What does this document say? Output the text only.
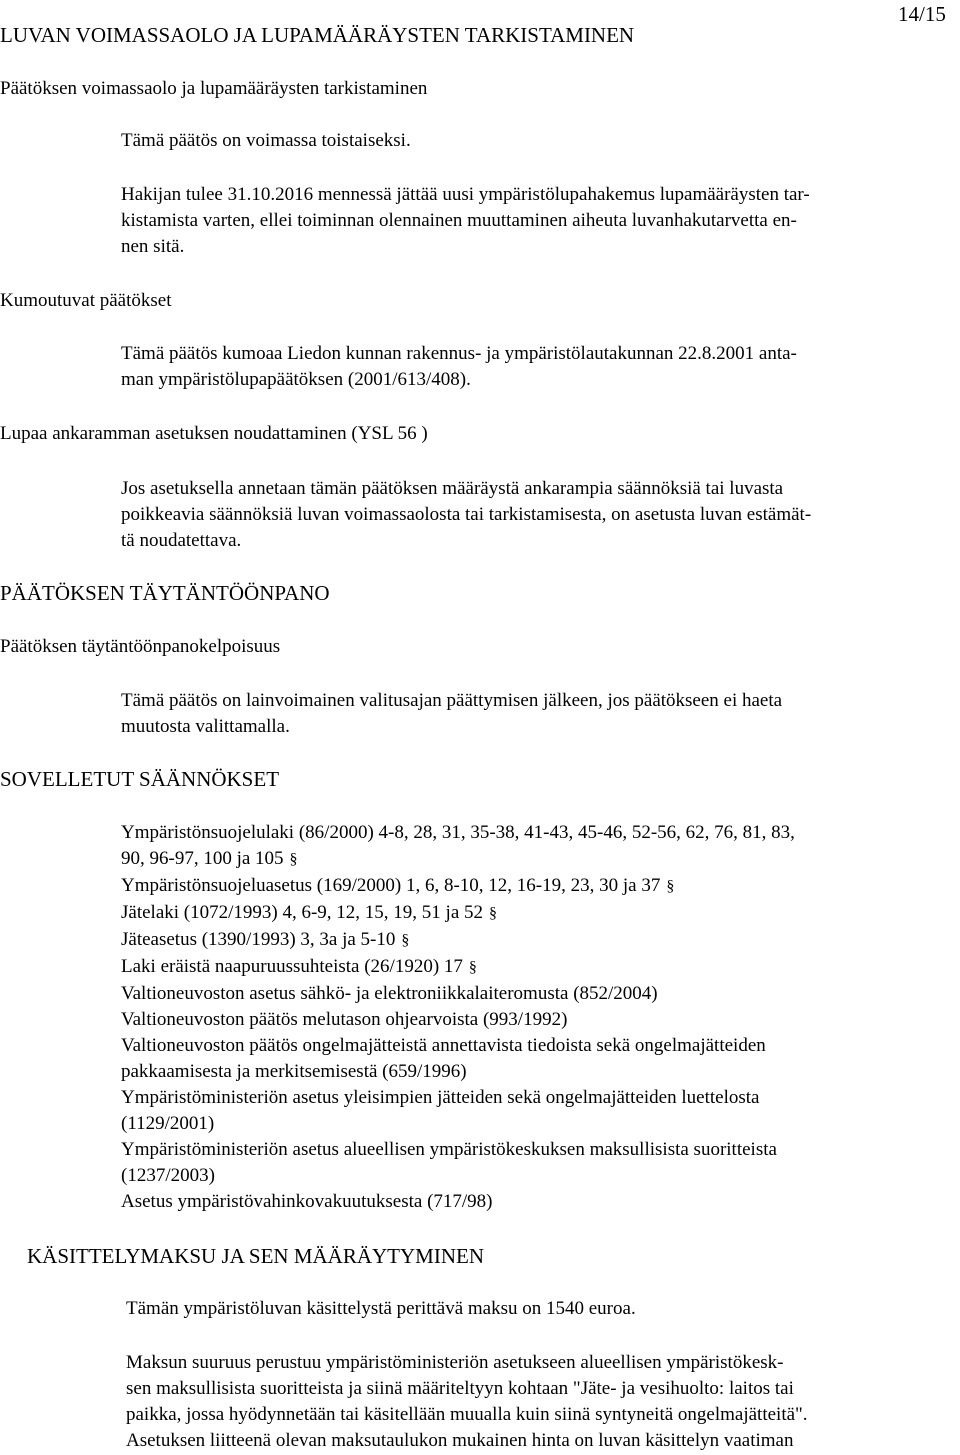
14/15
LUVAN VOIMASSAOLO JA LUPAMÄÄRÄYSTEN TARKISTAMINEN
Päätöksen voimassaolo ja lupamääräysten tarkistaminen
Tämä päätös on voimassa toistaiseksi.
Hakijan tulee 31.10.2016 mennessä jättää uusi ympäristölupahakemus lupamääräysten tar-
kistamista varten, ellei toiminnan olennainen muuttaminen aiheuta luvanhakutarvetta en-
nen sitä.
Kumoutuvat päätökset
Tämä päätös kumoaa Liedon kunnan rakennus- ja ympäristölautakunnan 22.8.2001 anta-
man ympäristölupapäätöksen (2001/613/408).
Lupaa ankaramman asetuksen noudattaminen (YSL 56 )
Jos asetuksella annetaan tämän päätöksen määräystä ankarampia säännöksiä tai luvasta
poikkeavia säännöksiä luvan voimassaolosta tai tarkistamisesta, on asetusta luvan estämät-
tä noudatettava.
PÄÄTÖKSEN TÄYTÄNTÖÖNPANO
Päätöksen täytäntöönpanokelpoisuus
Tämä päätös on lainvoimainen valitusajan päättymisen jälkeen, jos päätökseen ei haeta
muutosta valittamalla.
SOVELLETUT SÄÄNNÖKSET
Ympäristönsuojelulaki (86/2000) 4-8, 28, 31, 35-38, 41-43, 45-46, 52-56, 62, 76, 81, 83,
90, 96-97, 100 ja 105 §
Ympäristönsuojeluasetus (169/2000) 1, 6, 8-10, 12, 16-19, 23, 30 ja 37 §
Jätelaki (1072/1993) 4, 6-9, 12, 15, 19, 51 ja 52 §
Jäteasetus (1390/1993) 3, 3a ja 5-10 §
Laki eräistä naapuruussuhteista (26/1920) 17 §
Valtioneuvoston asetus sähkö- ja elektroniikkalaiteromusta (852/2004)
Valtioneuvoston päätös melutason ohjearvoista (993/1992)
Valtioneuvoston päätös ongelmajätteistä annettavista tiedoista sekä ongelmajätteiden
pakkaamisesta ja merkitsemisestä (659/1996)
Ympäristöministeriön asetus yleisimpien jätteiden sekä ongelmajätteiden luettelosta
(1129/2001)
Ympäristöministeriön asetus alueellisen ympäristökeskuksen maksullisista suoritteista
(1237/2003)
Asetus ympäristövahinkovakuutuksesta (717/98)
KÄSITTELYMAKSU JA SEN MÄÄRÄYTYMINEN
Tämän ympäristöluvan käsittelystä perittävä maksu on 1540 euroa.
Maksun suuruus perustuu ympäristöministeriön asetukseen alueellisen ympäristökesk-
sen maksullisista suoritteista ja siinä määriteltyyn kohtaan "Jäte- ja vesihuolto: laitos tai
paikka, jossa hyödynnetään tai käsitellään muualla kuin siinä syntyneitä ongelmajätteitä".
Asetuksen liitteenä olevan maksutaulukon mukainen hinta on luvan käsittelyn vaatiman
